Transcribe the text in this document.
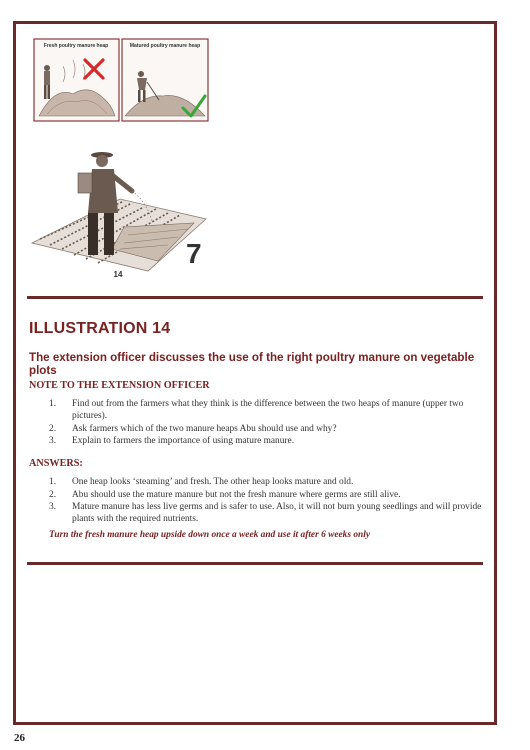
Fresh poultry manure heap	Matured poultry manure heap
7
14
ILLUSTRATION 14

The extension officer discusses the use of the right poultry manure on vegetable plots

NOTE TO THE EXTENSION OFFICER

1. Find out from the farmers what they think is the difference between the two heaps of manure (upper two pictures).
2. Ask farmers which of the two manure heaps Abu should use and why?
3. Explain to farmers the importance of using mature manure.

ANSWERS:

1. One heap looks ‘steaming’ and fresh. The other heap looks mature and old.
2. Abu should use the mature manure but not the fresh manure where germs are still alive.
3. Mature manure has less live germs and is safer to use. Also, it will not burn young seedlings and will provide plants with the required nutrients.

Turn the fresh manure heap upside down once a week and use it after 6 weeks only

26
